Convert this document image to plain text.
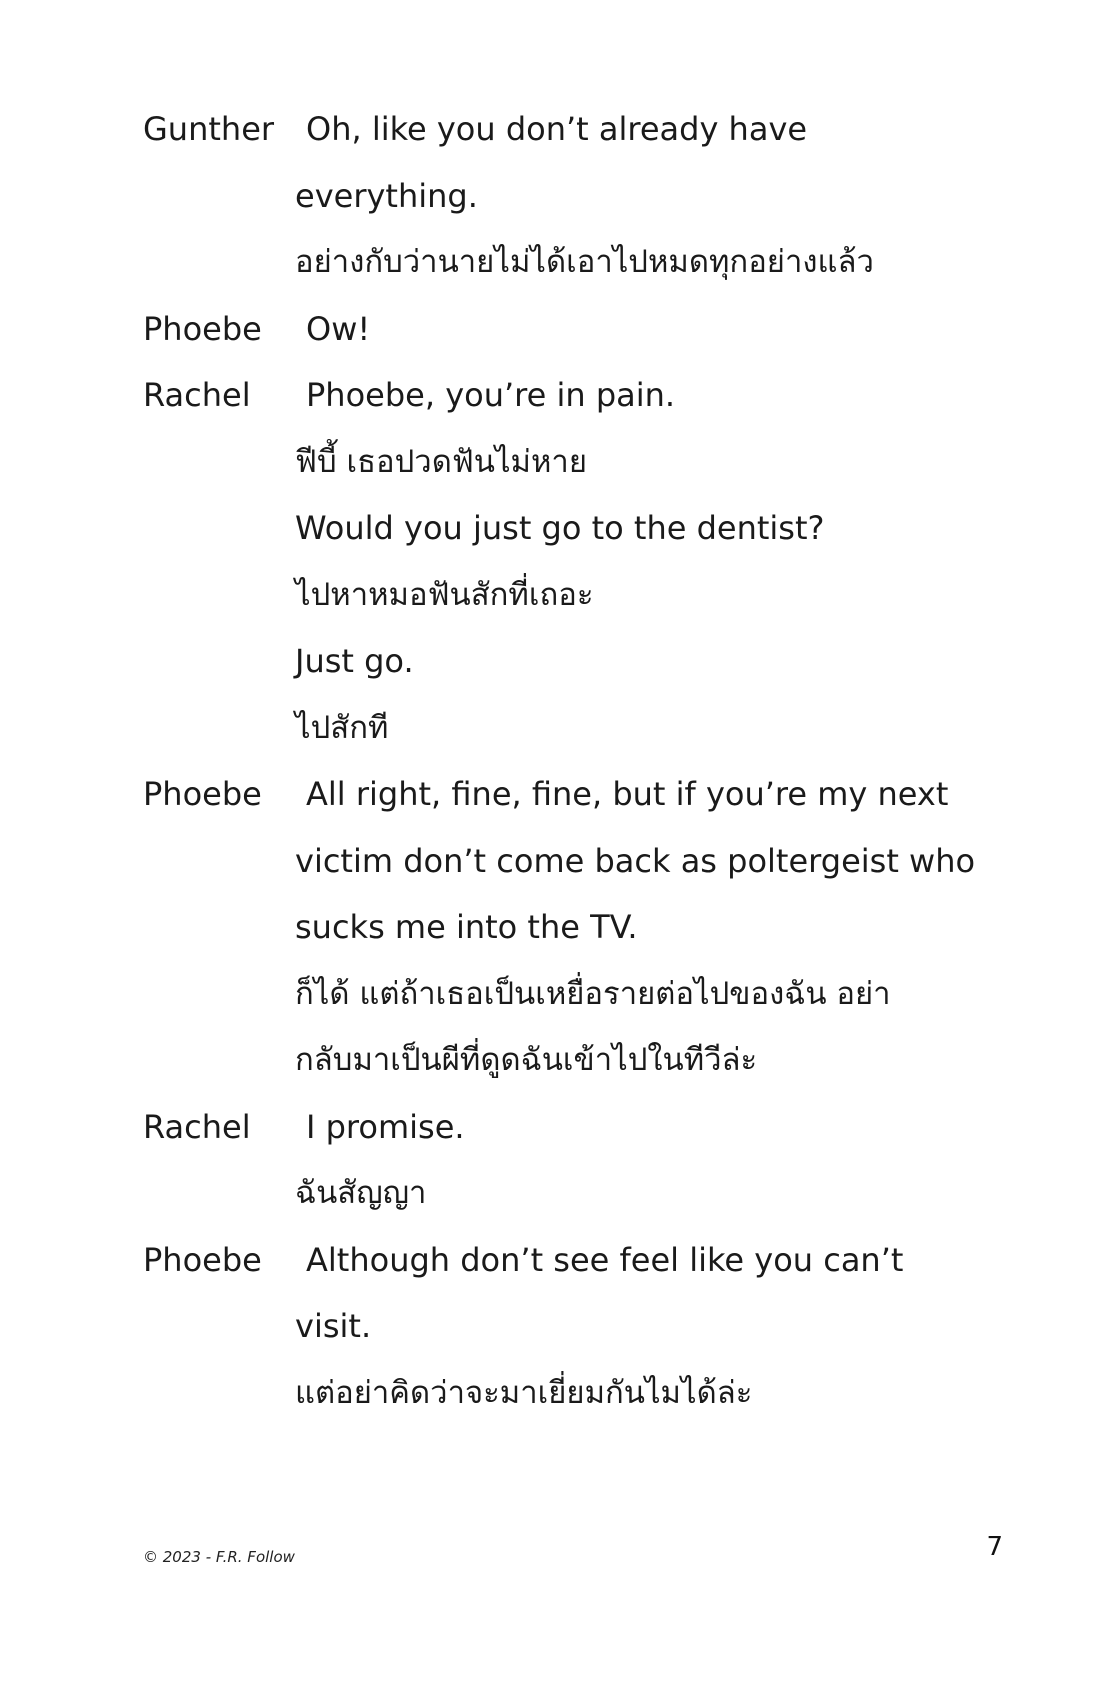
Gunther Oh, like you don’t already have
everything.
อย่างกับว่านายไม่ได้เอาไปหมดทุกอย่างแล้ว
Phoebe	Ow!
Rachel	Phoebe, you’re in pain.
ฟีบี้ เธอปวดฟันไม่หาย
Would you just go to the dentist?
ไปหาหมอฟันสักที่เถอะ
Just go.
ไปสักที
Phoebe	All right, fine, fine, but if you’re my next
victim don’t come back as poltergeist who
sucks me into the TV.
ก็ได้ แต่ถ้าเธอเป็นเหยื่อรายต่อไปของฉัน อย่า
กลับมาเป็นผีที่ดูดฉันเข้าไปในทีวีล่ะ
Rachel	I promise.
ฉันสัญญา
Phoebe	Although don’t see feel like you can’t
visit.
แต่อย่าคิดว่าจะมาเยี่ยมกันไมได้ล่ะ
© 2023 - F.R. Follow	7
